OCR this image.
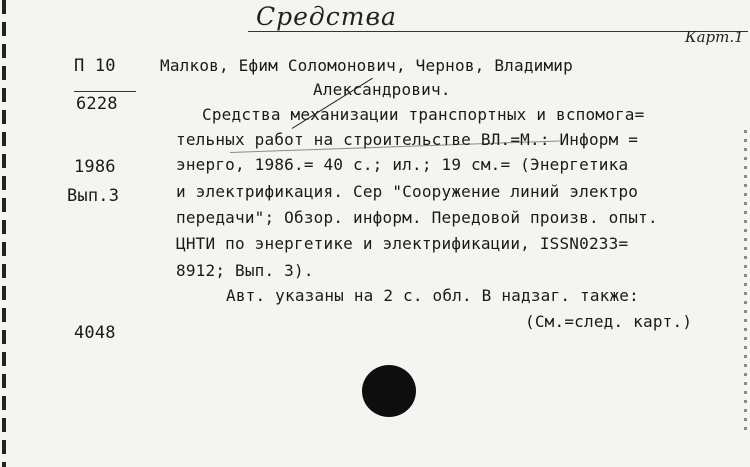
Средства
Карт.1
П 10
6228
1986
Вып.3
4048
Малков, Ефим Соломонович, Чернов, Владимир
Александрович.
Средства механизации транспортных и вспомога=
тельных работ на строительстве ВЛ.=М.: Информ =
энерго, 1986.= 40 с.; ил.; 19 см.= (Энергетика
и электрификация. Сер "Сооружение линий электро
передачи"; Обзор. информ. Передовой произв. опыт.
ЦНТИ по энергетике и электрификации, ISSN0233=
8912; Вып. 3).
Авт. указаны на 2 с. обл. В надзаг. также:
(См.=след. карт.)
